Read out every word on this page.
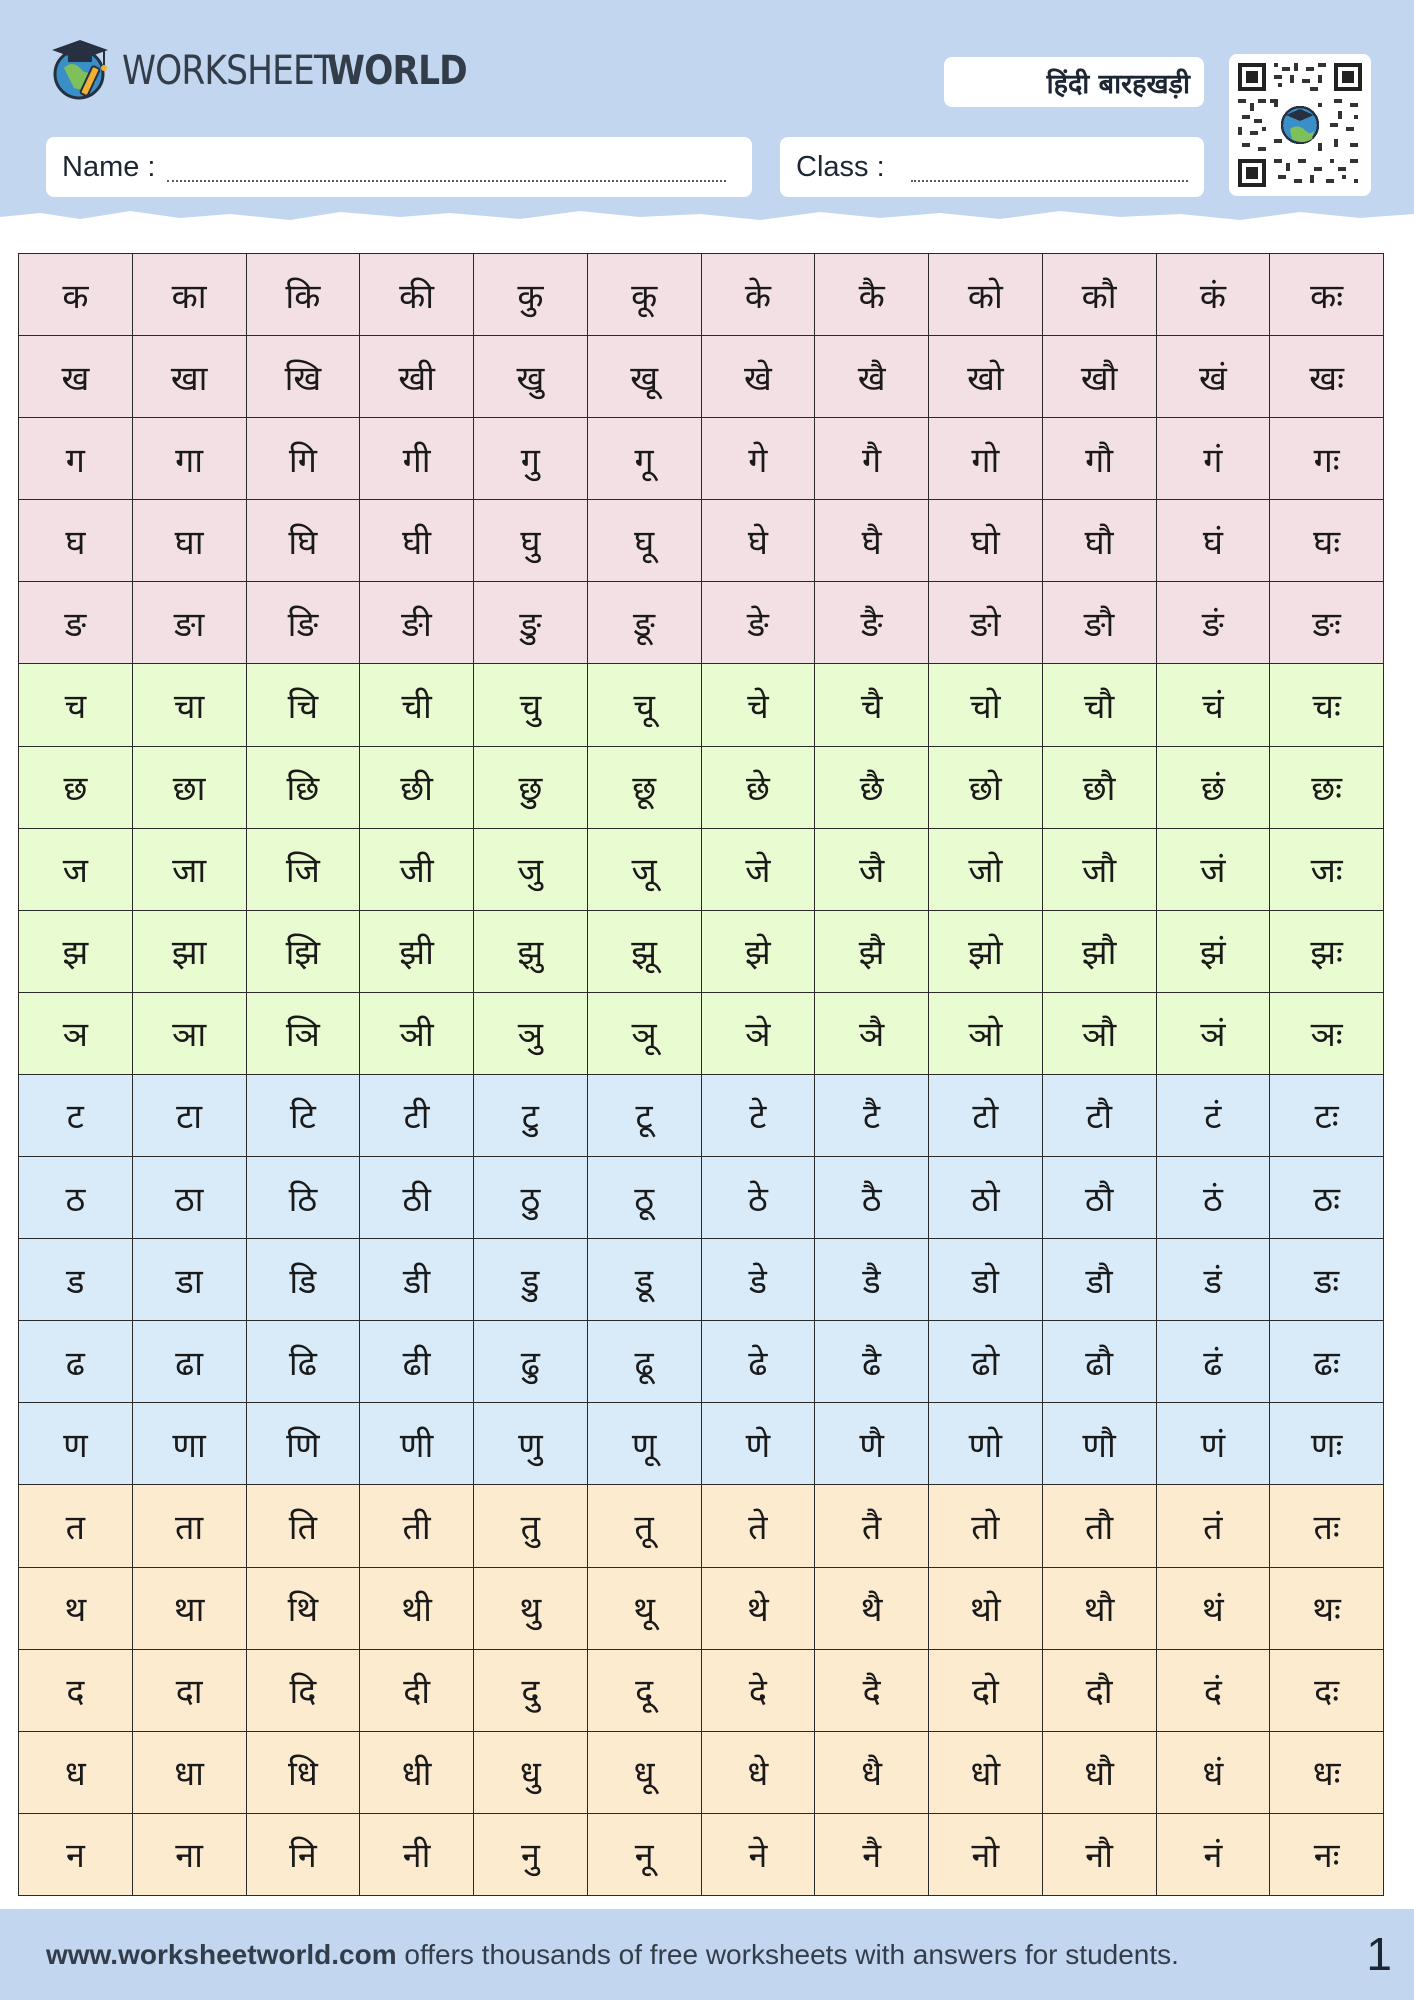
WORKSHEETWORLD	हिंदी बारहखड़ी
Name :	Class :
क	का	कि	की	कु	कू	के	कै	को	कौ	कं	कः
ख	खा	खि	खी	खु	खू	खे	खै	खो	खौ	खं	खः
ग	गा	गि	गी	गु	गू	गे	गै	गो	गौ	गं	गः
घ	घा	घि	घी	घु	घू	घे	घै	घो	घौ	घं	घः
ङ	ङा	ङि	ङी	ङु	ङू	ङे	ङै	ङो	ङौ	ङं	ङः
च	चा	चि	ची	चु	चू	चे	चै	चो	चौ	चं	चः
छ	छा	छि	छी	छु	छू	छे	छै	छो	छौ	छं	छः
ज	जा	जि	जी	जु	जू	जे	जै	जो	जौ	जं	जः
झ	झा	झि	झी	झु	झू	झे	झै	झो	झौ	झं	झः
ञ	ञा	ञि	ञी	ञु	ञू	ञे	ञै	ञो	ञौ	ञं	ञः
ट	टा	टि	टी	टु	टू	टे	टै	टो	टौ	टं	टः
ठ	ठा	ठि	ठी	ठु	ठू	ठे	ठै	ठो	ठौ	ठं	ठः
ड	डा	डि	डी	डु	डू	डे	डै	डो	डौ	डं	डः
ढ	ढा	ढि	ढी	ढु	ढू	ढे	ढै	ढो	ढौ	ढं	ढः
ण	णा	णि	णी	णु	णू	णे	णै	णो	णौ	णं	णः
त	ता	ति	ती	तु	तू	ते	तै	तो	तौ	तं	तः
थ	था	थि	थी	थु	थू	थे	थै	थो	थौ	थं	थः
द	दा	दि	दी	दु	दू	दे	दै	दो	दौ	दं	दः
ध	धा	धि	धी	धु	धू	धे	धै	धो	धौ	धं	धः
न	ना	नि	नी	नु	नू	ने	नै	नो	नौ	नं	नः
www.worksheetworld.com offers thousands of free worksheets with answers for students.	1
